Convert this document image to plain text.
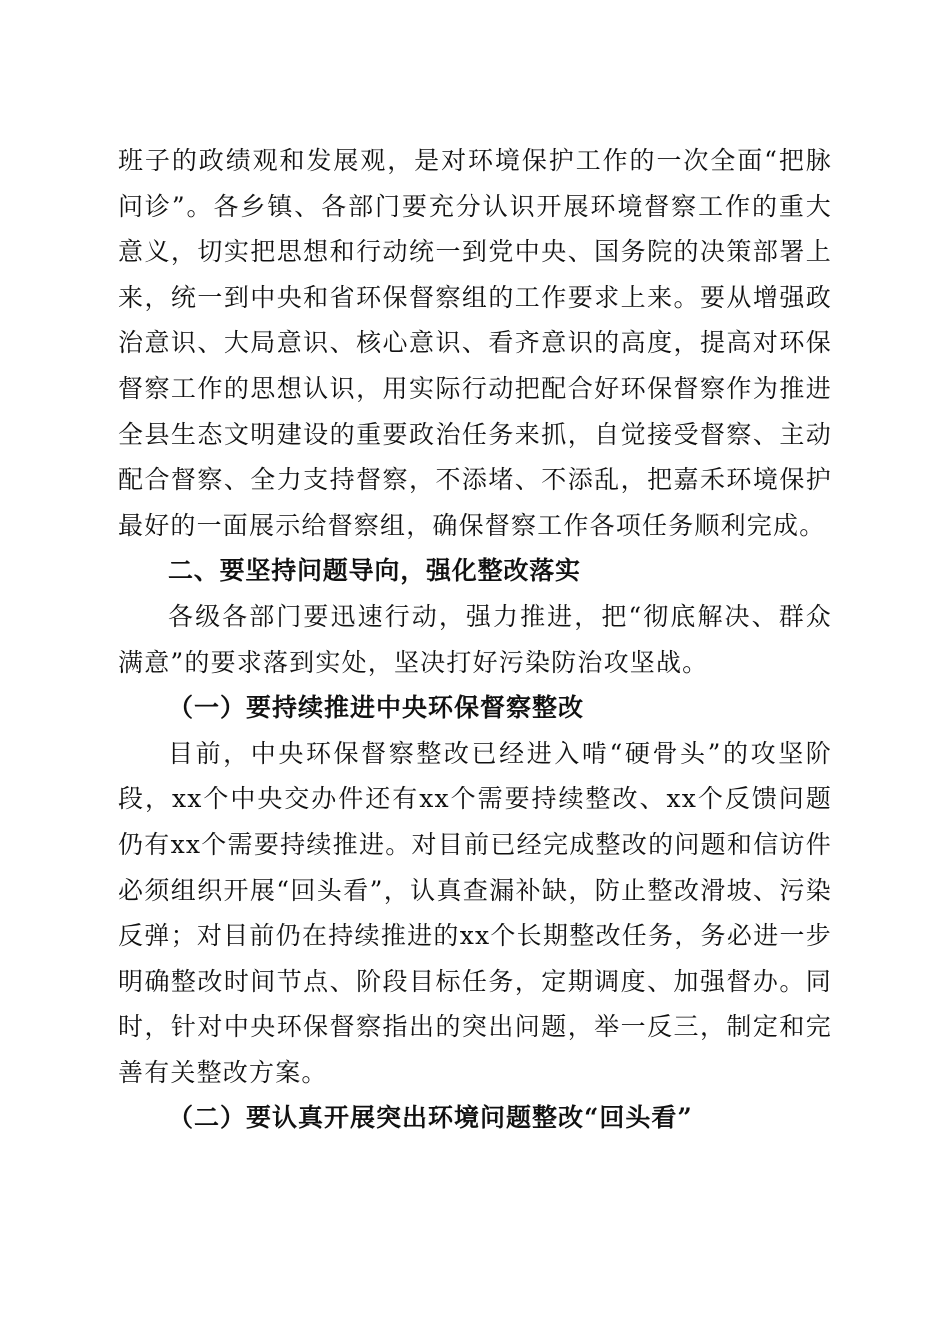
班子的政绩观和发展观，是对环境保护工作的一次全面“把脉问诊”。各乡镇、各部门要充分认识开展环境督察工作的重大意义，切实把思想和行动统一到党中央、国务院的决策部署上来，统一到中央和省环保督察组的工作要求上来。要从增强政治意识、大局意识、核心意识、看齐意识的高度，提高对环保督察工作的思想认识，用实际行动把配合好环保督察作为推进全县生态文明建设的重要政治任务来抓，自觉接受督察、主动配合督察、全力支持督察，不添堵、不添乱，把嘉禾环境保护最好的一面展示给督察组，确保督察工作各项任务顺利完成。

二、要坚持问题导向，强化整改落实

各级各部门要迅速行动，强力推进，把“彻底解决、群众满意”的要求落到实处，坚决打好污染防治攻坚战。

（一）要持续推进中央环保督察整改

目前，中央环保督察整改已经进入啃“硬骨头”的攻坚阶段，xx个中央交办件还有xx个需要持续整改、xx个反馈问题仍有xx个需要持续推进。对目前已经完成整改的问题和信访件必须组织开展“回头看”，认真查漏补缺，防止整改滑坡、污染反弹；对目前仍在持续推进的xx个长期整改任务，务必进一步明确整改时间节点、阶段目标任务，定期调度、加强督办。同时，针对中央环保督察指出的突出问题，举一反三，制定和完善有关整改方案。

（二）要认真开展突出环境问题整改“回头看”
